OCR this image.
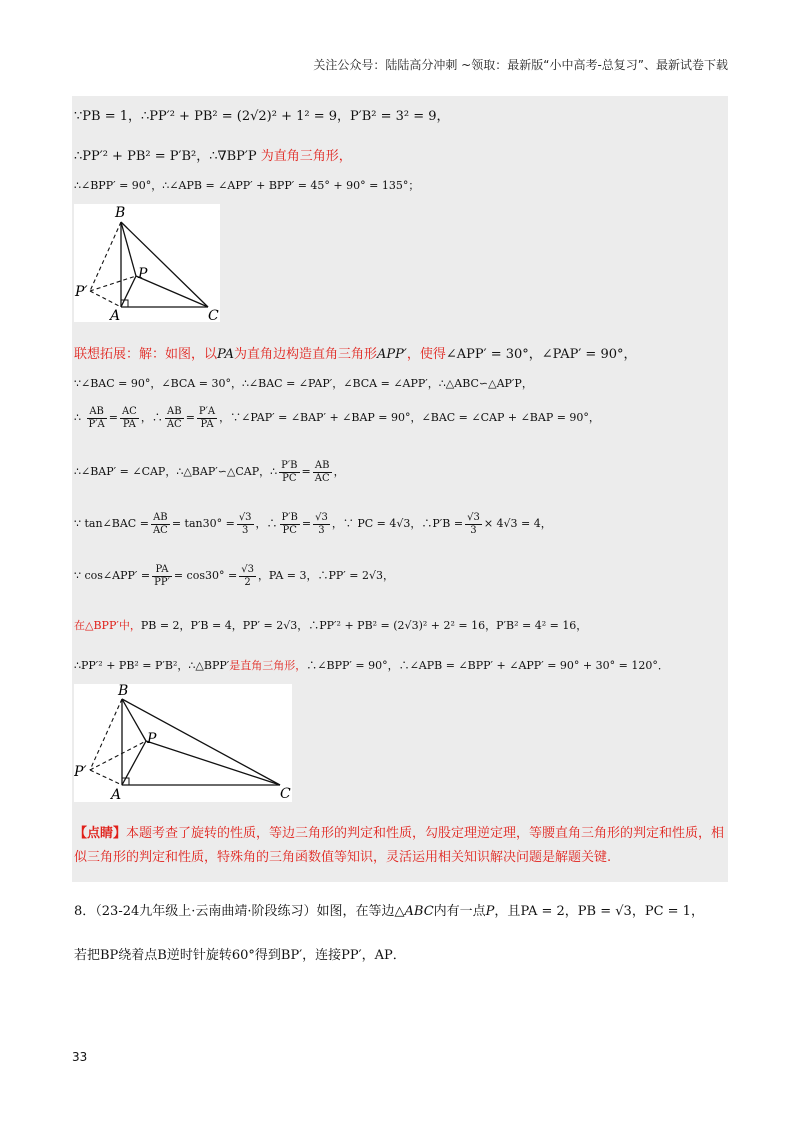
关注公众号：陆陆高分冲刺 ~领取：最新版“小中高考-总复习”、最新试卷下载
∵PB = 1，∴PP′² + PB² = (2√2)² + 1² = 9，P′B² = 3² = 9，
∴PP′² + PB² = P′B²，∴∇BP′P 为直角三角形，
∴∠BPP′ = 90°，∴∠APB = ∠APP′ + BPP′ = 45° + 90° = 135°；
B
P
P′
A	C
联想拓展：解：如图，以PA为直角边构造直角三角形APP′，使得∠APP′ = 30°，∠PAP′ = 90°，
∵∠BAC = 90°，∠BCA = 30°，∴∠BAC = ∠PAP′，∠BCA = ∠APP′，∴△ABC∽△AP′P，
∴ $\frac{AB}{P'A} = \frac{AC}{PA}$ ，∴ $\frac{AB}{AC} = \frac{P'A}{PA}$ ，∵∠PAP′ = ∠BAP′ + ∠BAP = 90°，∠BAC = ∠CAP + ∠BAP = 90°，
∴∠BAP′ = ∠CAP，∴△BAP′∽△CAP，∴ $\frac{P'B}{PC} = \frac{AB}{AC}$ ，
∵ tan∠BAC = $\frac{AB}{AC} = \tan 30^\circ = \frac{√3}{3}$ ，∴ $\frac{P'B}{PC} = \frac{√3}{3}$ ，∵ PC = 4√3，∴P′B = $\frac{√3}{3} \times 4√3 = 4$，
∵ cos∠APP′ = $\frac{PA}{PP'} = \cos 30^\circ = \frac{√3}{2}$ ，PA = 3，∴PP′ = 2√3，
在△BPP′中，PB = 2，P′B = 4，PP′ = 2√3，∴PP′² + PB² = (2√3)² + 2² = 16，P′B² = 4² = 16，
∴PP′² + PB² = P′B²，∴△BPP′是直角三角形，∴∠BPP′ = 90°，∴∠APB = ∠BPP′ + ∠APP′ = 90° + 30° = 120°．
B
P
P′
A	C
【点睛】本题考查了旋转的性质，等边三角形的判定和性质，勾股定理逆定理，等腰直角三角形的判定和性质，相似三角形的判定和性质，特殊角的三角函数值等知识，灵活运用相关知识解决问题是解题关键.
8．（23-24九年级上·云南曲靖·阶段练习）如图，在等边△ABC内有一点P，且PA = 2，PB = √3，PC = 1，
若把BP绕着点B逆时针旋转60°得到BP′，连接PP′，AP．
33
